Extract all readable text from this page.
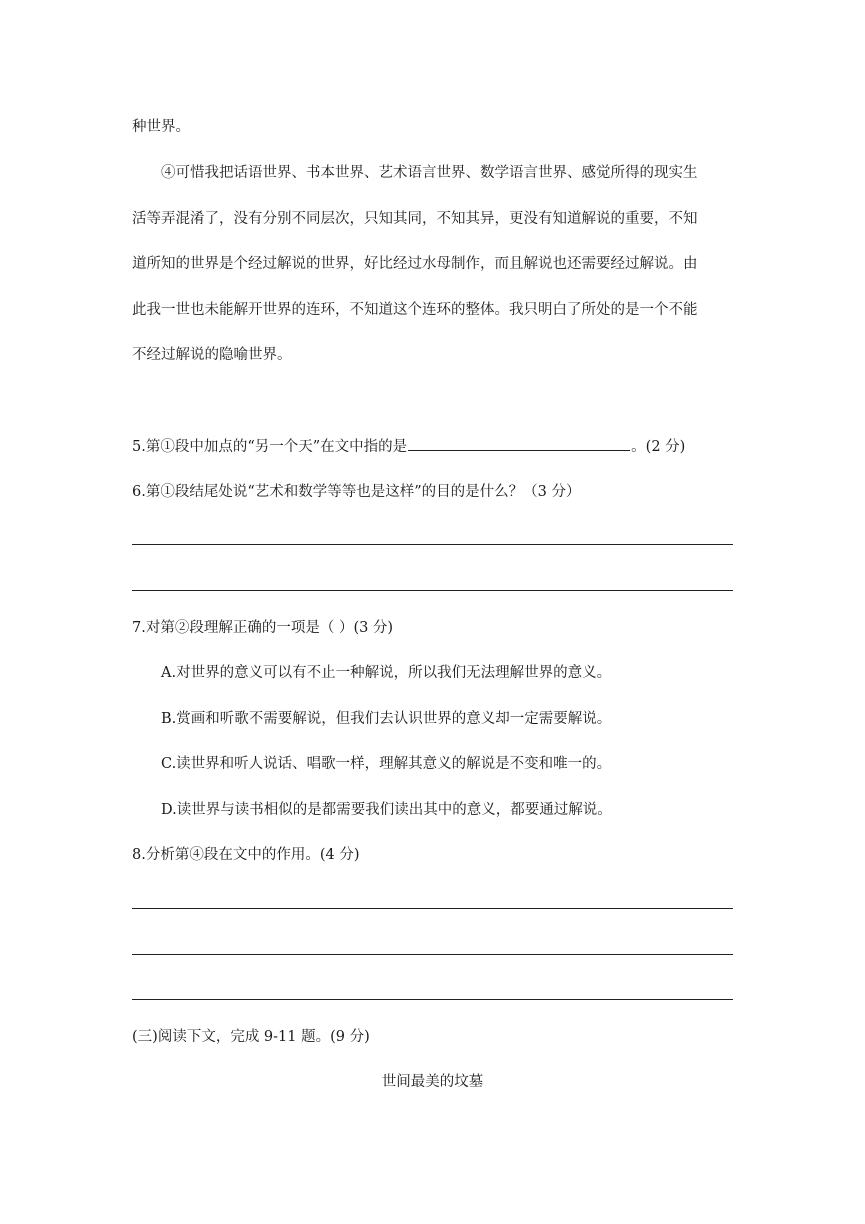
种世界。
④可惜我把话语世界、书本世界、艺术语言世界、数学语言世界、感觉所得的现实生
活等弄混淆了，没有分别不同层次，只知其同，不知其异，更没有知道解说的重要，不知
道所知的世界是个经过解说的世界，好比经过水母制作，而且解说也还需要经过解说。由
此我一世也未能解开世界的连环，不知道这个连环的整体。我只明白了所处的是一个不能
不经过解说的隐喻世界。
5.第①段中加点的“另一个天”在文中指的是	。(2 分)
6.第①段结尾处说“艺术和数学等等也是这样”的目的是什么？（3 分）
7.对第②段理解正确的一项是（ ）(3 分)
A.对世界的意义可以有不止一种解说，所以我们无法理解世界的意义。
B.赏画和听歌不需要解说，但我们去认识世界的意义却一定需要解说。
C.读世界和听人说话、唱歌一样，理解其意义的解说是不变和唯一的。
D.读世界与读书相似的是都需要我们读出其中的意义，都要通过解说。
8.分析第④段在文中的作用。(4 分)
(三)阅读下文，完成 9-11 题。(9 分)
世间最美的坟墓
